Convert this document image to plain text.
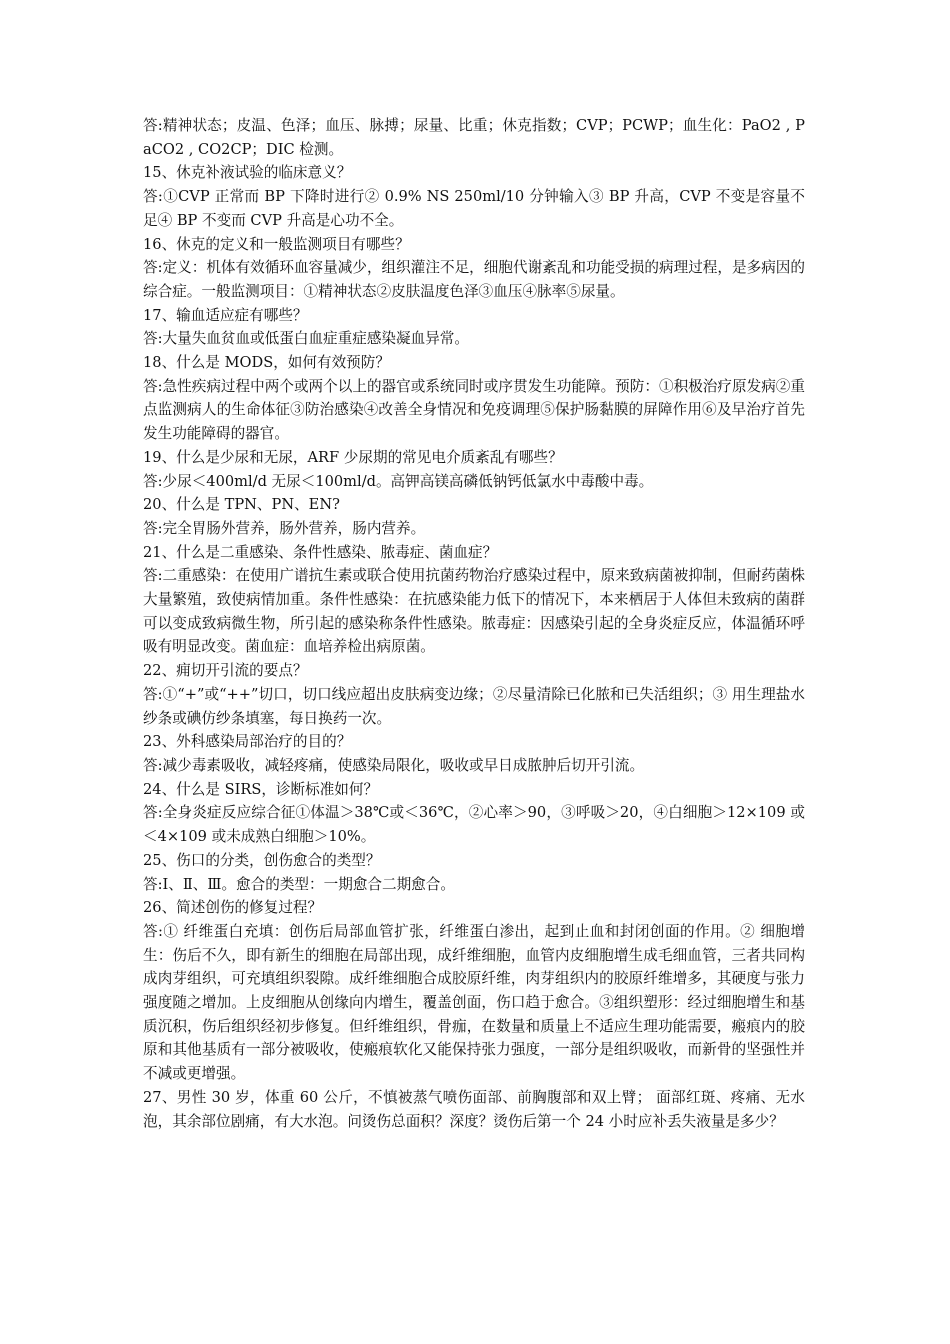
答:精神状态；皮温、色泽；血压、脉搏；尿量、比重；休克指数；CVP；PCWP；血生化：PaO2 , PaCO2 , CO2CP；DIC 检测。

15、休克补液试验的临床意义？

答:①CVP 正常而 BP 下降时进行② 0.9% NS 250ml/10 分钟输入③ BP 升高，CVP 不变是容量不足④ BP 不变而 CVP 升高是心功不全。

16、休克的定义和一般监测项目有哪些？

答:定义：机体有效循环血容量减少，组织灌注不足，细胞代谢紊乱和功能受损的病理过程，是多病因的综合症。一般监测项目：①精神状态②皮肤温度色泽③血压④脉率⑤尿量。

17、输血适应症有哪些？

答:大量失血贫血或低蛋白血症重症感染凝血异常。

18、什么是 MODS，如何有效预防？

答:急性疾病过程中两个或两个以上的器官或系统同时或序贯发生功能障。预防：①积极治疗原发病②重点监测病人的生命体征③防治感染④改善全身情况和免疫调理⑤保护肠黏膜的屏障作用⑥及早治疗首先发生功能障碍的器官。

19、什么是少尿和无尿，ARF 少尿期的常见电介质紊乱有哪些？

答:少尿＜400ml/d 无尿＜100ml/d。高钾高镁高磷低钠钙低氯水中毒酸中毒。

20、什么是 TPN、PN、EN?

答:完全胃肠外营养，肠外营养，肠内营养。

21、什么是二重感染、条件性感染、脓毒症、菌血症？

答:二重感染：在使用广谱抗生素或联合使用抗菌药物治疗感染过程中，原来致病菌被抑制，但耐药菌株大量繁殖，致使病情加重。条件性感染：在抗感染能力低下的情况下，本来栖居于人体但未致病的菌群可以变成致病微生物，所引起的感染称条件性感染。脓毒症：因感染引起的全身炎症反应，体温循环呼吸有明显改变。菌血症：血培养检出病原菌。

22、痈切开引流的要点？

答:①“+”或“++”切口，切口线应超出皮肤病变边缘；②尽量清除已化脓和已失活组织；③ 用生理盐水纱条或碘仿纱条填塞，每日换药一次。

23、外科感染局部治疗的目的？

答:减少毒素吸收，减轻疼痛，使感染局限化，吸收或早日成脓肿后切开引流。

24、什么是 SIRS，诊断标准如何？

答:全身炎症反应综合征①体温＞38℃或＜36℃，②心率＞90，③呼吸＞20，④白细胞＞12×109 或＜4×109 或未成熟白细胞＞10%。

25、伤口的分类，创伤愈合的类型？

答:Ⅰ、Ⅱ、Ⅲ。愈合的类型：一期愈合二期愈合。

26、简述创伤的修复过程？

答:① 纤维蛋白充填：创伤后局部血管扩张，纤维蛋白渗出，起到止血和封闭创面的作用。② 细胞增生：伤后不久，即有新生的细胞在局部出现，成纤维细胞，血管内皮细胞增生成毛细血管，三者共同构成肉芽组织，可充填组织裂隙。成纤维细胞合成胶原纤维，肉芽组织内的胶原纤维增多，其硬度与张力强度随之增加。上皮细胞从创缘向内增生，覆盖创面，伤口趋于愈合。③组织塑形：经过细胞增生和基质沉积，伤后组织经初步修复。但纤维组织，骨痂，在数量和质量上不适应生理功能需要，瘢痕内的胶原和其他基质有一部分被吸收，使瘢痕软化又能保持张力强度，一部分是组织吸收，而新骨的坚强性并不减或更增强。

27、男性 30 岁，体重 60 公斤，不慎被蒸气喷伤面部、前胸腹部和双上臂； 面部红斑、疼痛、无水泡，其余部位剧痛，有大水泡。问烫伤总面积？深度？烫伤后第一个 24 小时应补丢失液量是多少？
